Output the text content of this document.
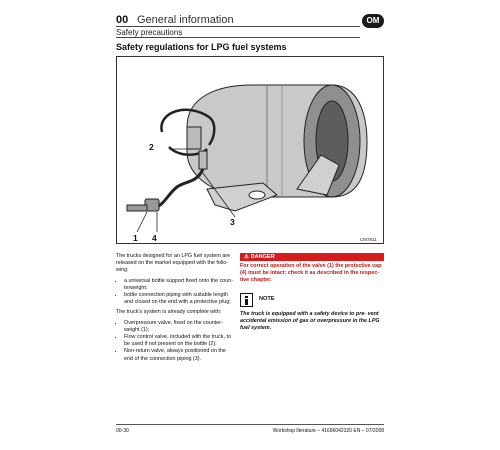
00 General information
Safety precautions
OM
Safety regulations for LPG fuel systems
2
3
1 4	CM7811

The trucks designed for an LPG fuel system are released on the market equipped with the follo- wing:

• a universal bottle support fixed onto the coun- terweight;
• bottle connection piping with suitable length and closed on the end with a protective plug;

The truck's system is already complete with:

• Overpressure valve, fixed on the counter- weight (1);
• Flow control valve, included with the truck, to be used if not present on the bottle (2);
• Non-return valve, always positioned on the end of the connection piping (3).
⚠ DANGER
For correct operation of the valve (1) the protective cap (4) must be intact: check it as described in the respec- tive chapter.
NOTE
The truck is equipped with a safety device to pre- vent accidental emission of gas or overpressure in the LPG fuel system.
00-30	Workshop literature – 41696042320 EN – 07/2008
